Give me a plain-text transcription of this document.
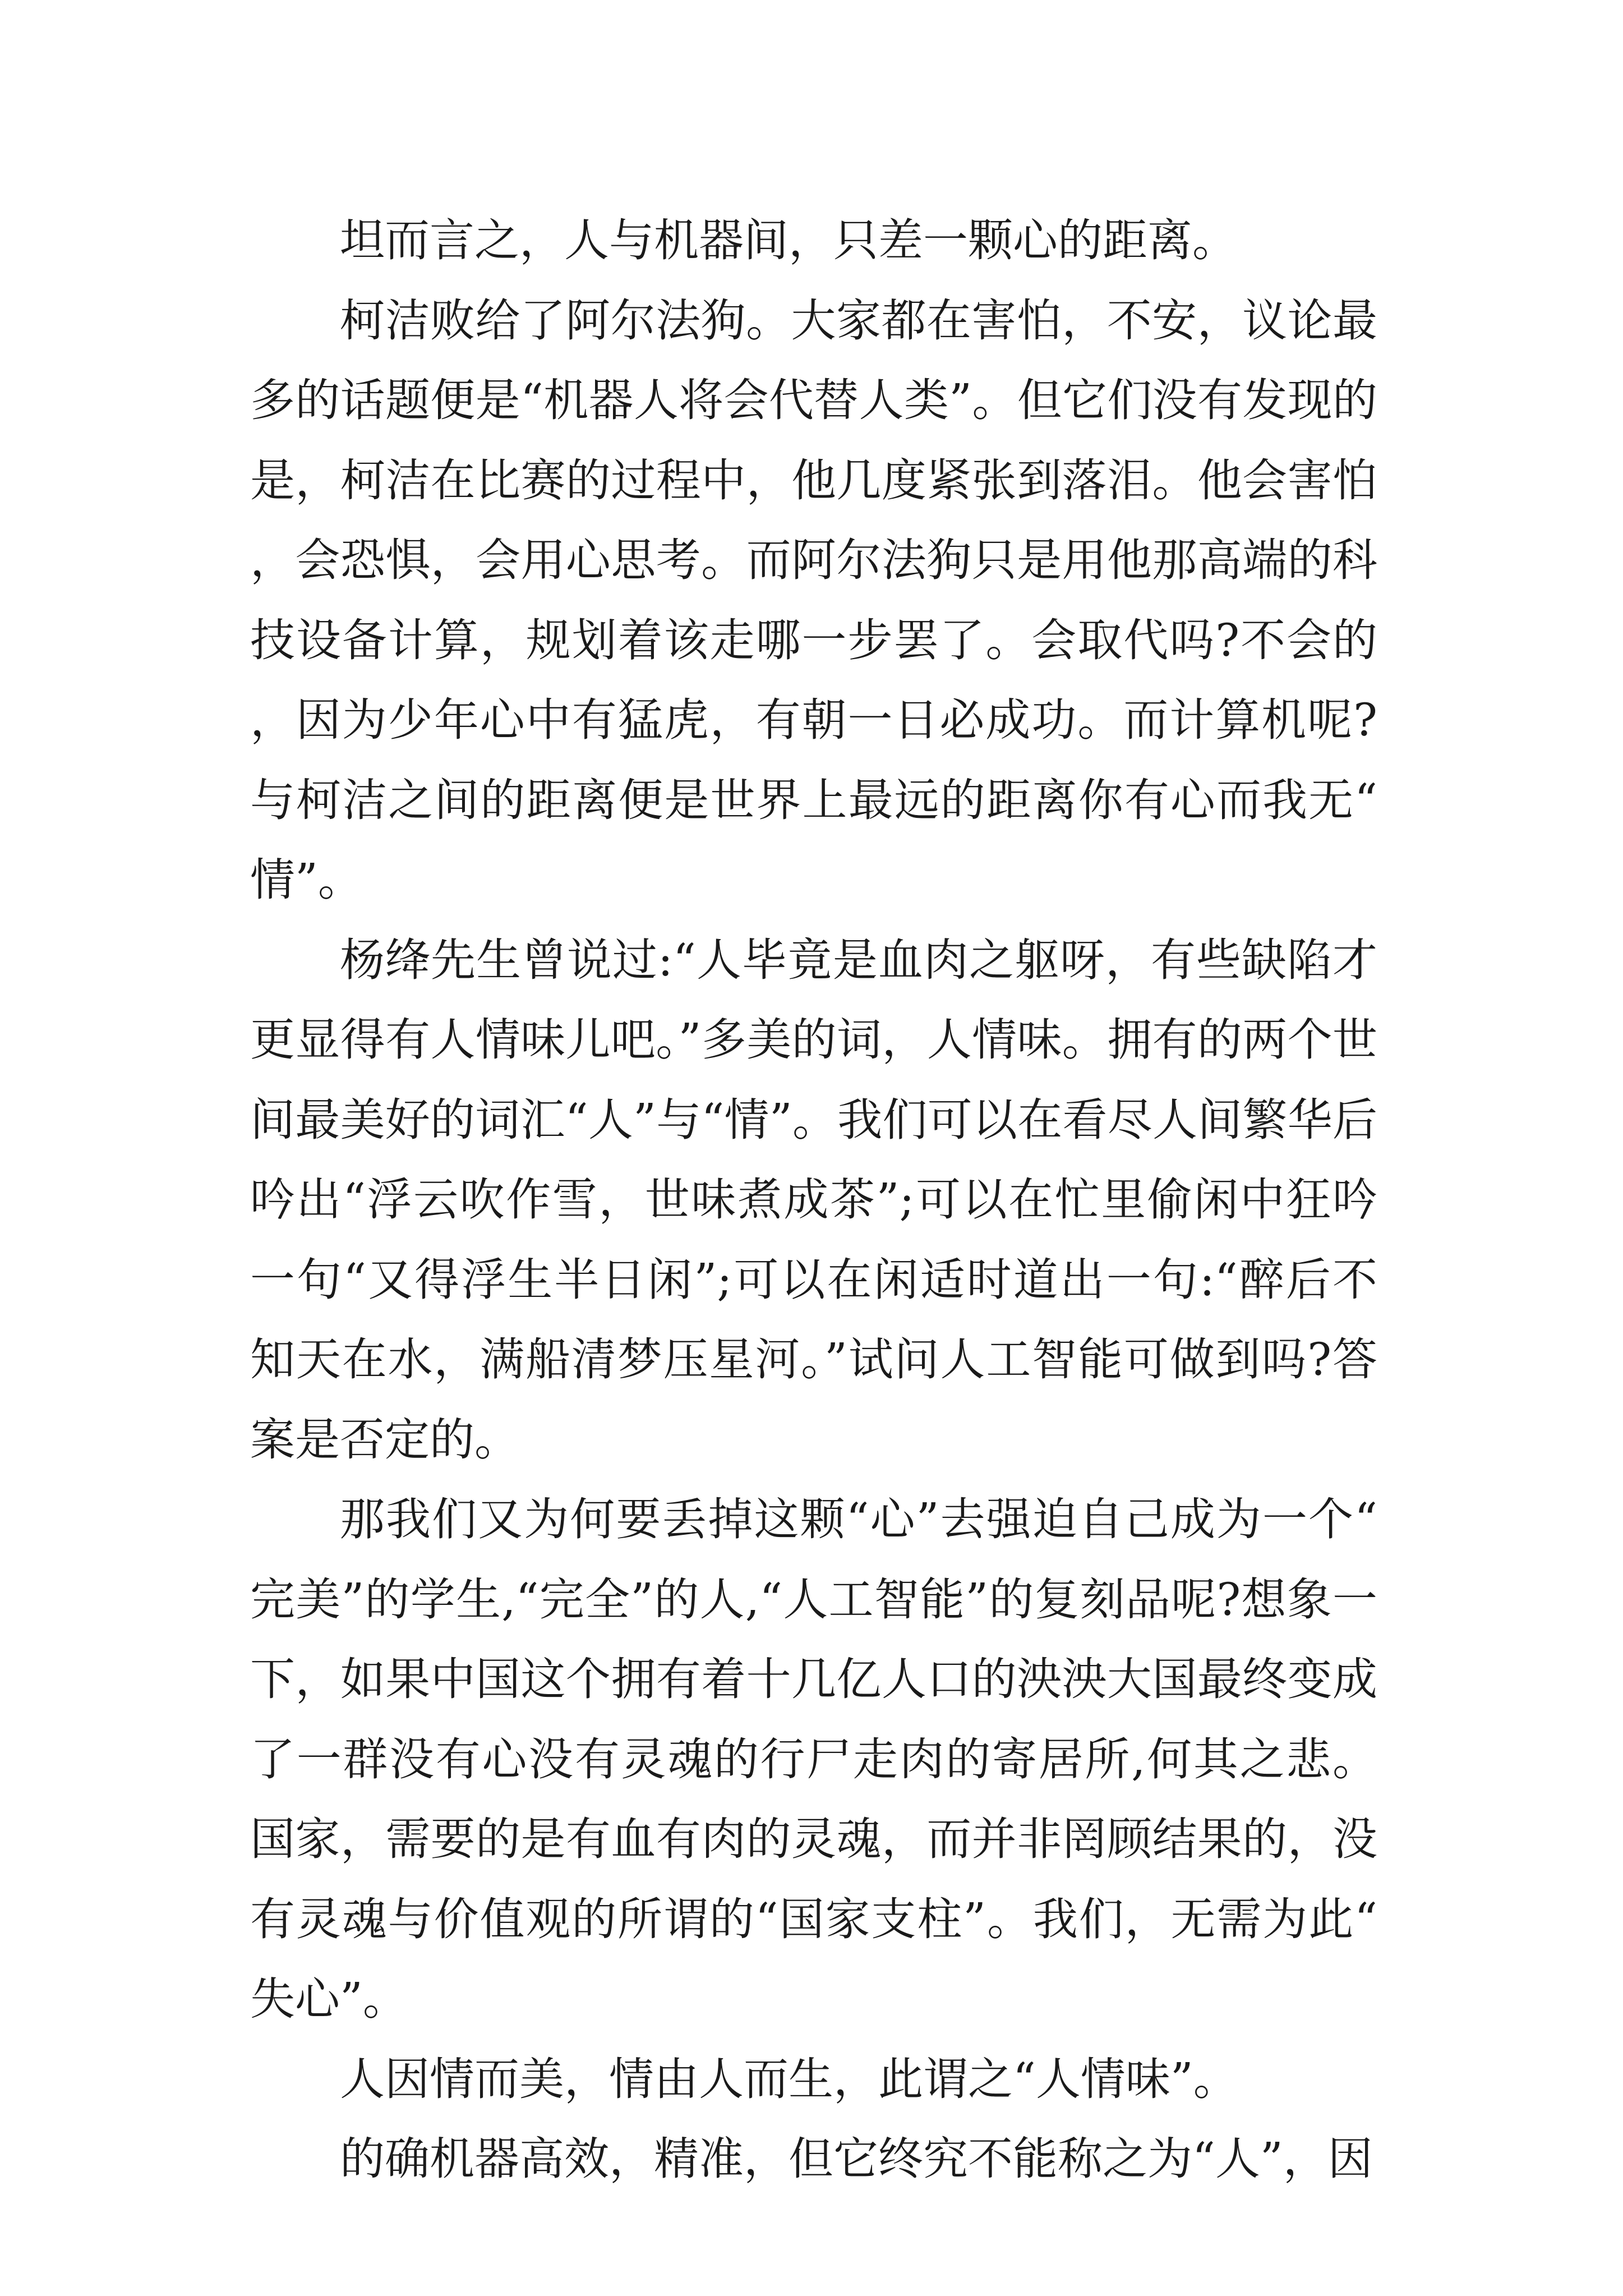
坦而言之，人与机器间，只差一颗心的距离。

柯洁败给了阿尔法狗。大家都在害怕，不安，议论最多的话题便是“机器人将会代替人类”。但它们没有发现的是，柯洁在比赛的过程中，他几度紧张到落泪。他会害怕，会恐惧，会用心思考。而阿尔法狗只是用他那高端的科技设备计算，规划着该走哪一步罢了。会取代吗?不会的，因为少年心中有猛虎，有朝一日必成功。而计算机呢?与柯洁之间的距离便是世界上最远的距离你有心而我无“情”。

杨绛先生曾说过:“人毕竟是血肉之躯呀，有些缺陷才更显得有人情味儿吧。”多美的词，人情味。拥有的两个世间最美好的词汇“人”与“情”。我们可以在看尽人间繁华后吟出“浮云吹作雪，世味煮成茶”;可以在忙里偷闲中狂吟一句“又得浮生半日闲”;可以在闲适时道出一句:“醉后不知天在水，满船清梦压星河。”试问人工智能可做到吗?答案是否定的。

那我们又为何要丢掉这颗“心”去强迫自己成为一个“完美”的学生,“完全”的人,“人工智能”的复刻品呢?想象一下，如果中国这个拥有着十几亿人口的泱泱大国最终变成了一群没有心没有灵魂的行尸走肉的寄居所,何其之悲。国家，需要的是有血有肉的灵魂，而并非罔顾结果的，没有灵魂与价值观的所谓的“国家支柱”。我们，无需为此“失心”。

人因情而美，情由人而生，此谓之“人情味”。

的确机器高效，精准，但它终究不能称之为“人”，因
